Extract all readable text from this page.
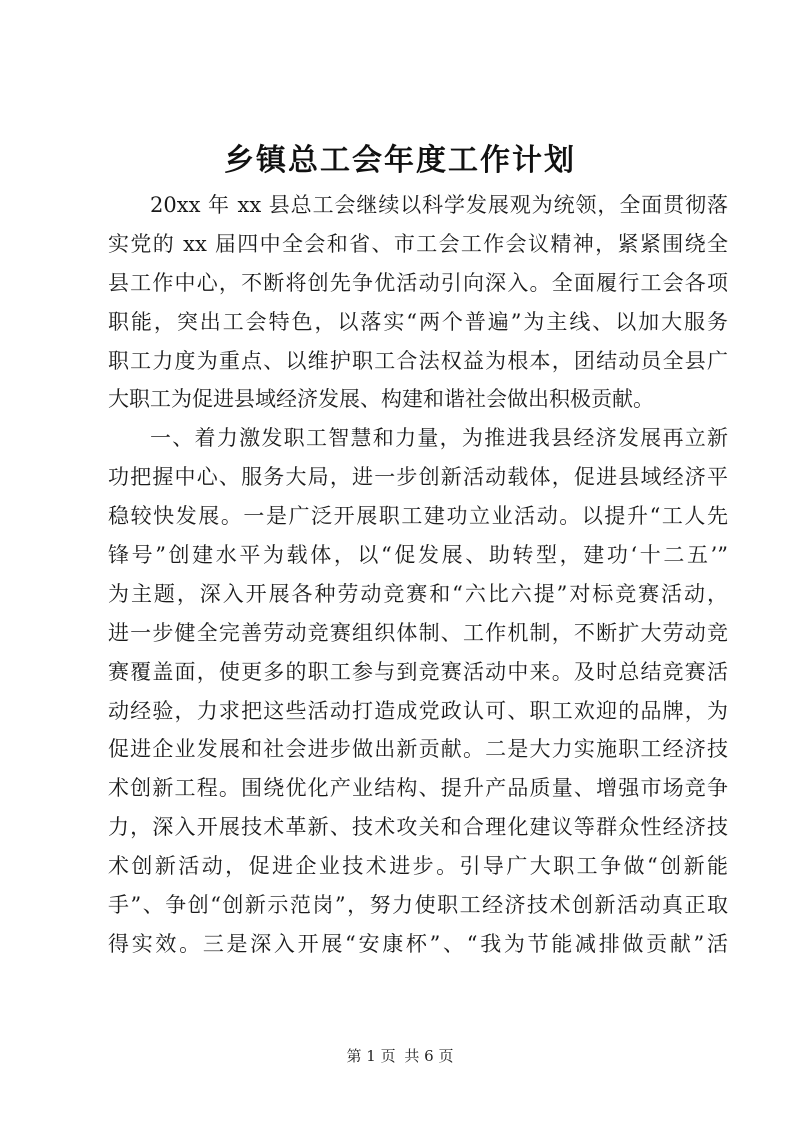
乡镇总工会年度工作计划
20xx 年 xx 县总工会继续以科学发展观为统领，全面贯彻落
实党的 xx 届四中全会和省、市工会工作会议精神，紧紧围绕全
县工作中心，不断将创先争优活动引向深入。全面履行工会各项
职能，突出工会特色，以落实“两个普遍”为主线、以加大服务
职工力度为重点、以维护职工合法权益为根本，团结动员全县广
大职工为促进县域经济发展、构建和谐社会做出积极贡献。
一、着力激发职工智慧和力量，为推进我县经济发展再立新
功把握中心、服务大局，进一步创新活动载体，促进县域经济平
稳较快发展。一是广泛开展职工建功立业活动。以提升“工人先
锋号”创建水平为载体，以“促发展、助转型，建功‘十二五’”
为主题，深入开展各种劳动竞赛和“六比六提”对标竞赛活动，
进一步健全完善劳动竞赛组织体制、工作机制，不断扩大劳动竞
赛覆盖面，使更多的职工参与到竞赛活动中来。及时总结竞赛活
动经验，力求把这些活动打造成党政认可、职工欢迎的品牌，为
促进企业发展和社会进步做出新贡献。二是大力实施职工经济技
术创新工程。围绕优化产业结构、提升产品质量、增强市场竞争
力，深入开展技术革新、技术攻关和合理化建议等群众性经济技
术创新活动，促进企业技术进步。引导广大职工争做“创新能
手”、争创“创新示范岗”，努力使职工经济技术创新活动真正取
得实效。三是深入开展“安康杯”、“我为节能减排做贡献”活
第 1 页 共 6 页
